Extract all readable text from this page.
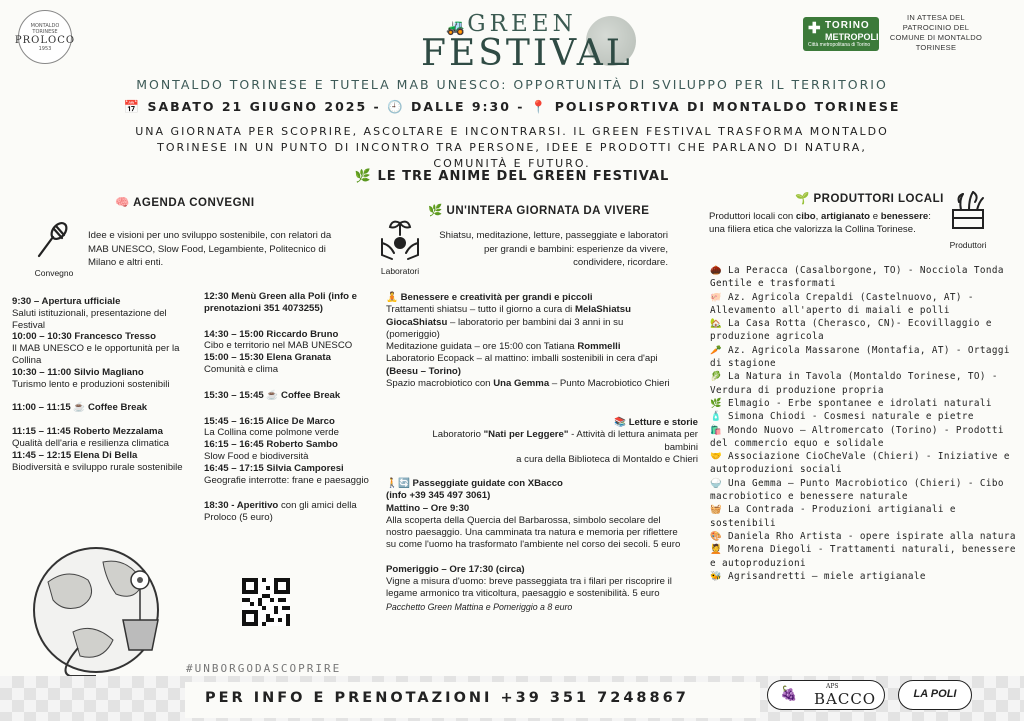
MONTALDO TORINESE
PROLOCO
1953
🚜 GREEN
FESTIVAL
✚ TORINO
METROPOLI
Città metropolitana di Torino
IN ATTESA DEL PATROCINIO DEL COMUNE DI MONTALDO TORINESE
MONTALDO TORINESE E TUTELA MAB UNESCO: OPPORTUNITÀ DI SVILUPPO PER IL TERRITORIO
📅 SABATO 21 GIUGNO 2025 - 🕘 DALLE 9:30 - 📍 POLISPORTIVA DI MONTALDO TORINESE
UNA GIORNATA PER SCOPRIRE, ASCOLTARE E INCONTRARSI. IL GREEN FESTIVAL TRASFORMA MONTALDO TORINESE IN UN PUNTO DI INCONTRO TRA PERSONE, IDEE E PRODOTTI CHE PARLANO DI NATURA, COMUNITÀ E FUTURO.
🌿 LE TRE ANIME DEL GREEN FESTIVAL
🧠 AGENDA CONVEGNI
Convegno
Idee e visioni per uno sviluppo sostenibile, con relatori da MAB UNESCO, Slow Food, Legambiente, Politecnico di Milano e altri enti.
9:30 – Apertura ufficiale
Saluti istituzionali, presentazione del Festival
10:00 – 10:30 Francesco Tresso
Il MAB UNESCO e le opportunità per la Collina
10:30 – 11:00 Silvio Magliano
Turismo lento e produzioni sostenibili
11:00 – 11:15 ☕ Coffee Break
11:15 – 11:45 Roberto Mezzalama
Qualità dell'aria e resilienza climatica
11:45 – 12:15 Elena Di Bella
Biodiversità e sviluppo rurale sostenibile
12:30 Menù Green alla Poli (info e prenotazioni 351 4073255)
14:30 – 15:00 Riccardo Bruno
Cibo e territorio nel MAB UNESCO
15:00 – 15:30 Elena Granata
Comunità e clima
15:30 – 15:45 ☕ Coffee Break
15:45 – 16:15 Alice De Marco
La Collina come polmone verde
16:15 – 16:45 Roberto Sambo
Slow Food e biodiversità
16:45 – 17:15 Silvia Camporesi
Geografie interrotte: frane e paesaggio
18:30 - Aperitivo con gli amici della Proloco (5 euro)
#UNBORGODASCOPRIRE
🌿 UN'INTERA GIORNATA DA VIVERE
Laboratori
Shiatsu, meditazione, letture, passeggiate e laboratori per grandi e bambini: esperienze da vivere, condividere, ricordare.
🧘 Benessere e creatività per grandi e piccoli
Trattamenti shiatsu – tutto il giorno a cura di MelaShiatsu
GiocaShiatsu – laboratorio per bambini dai 3 anni in su (pomeriggio)
Meditazione guidata – ore 15:00 con Tatiana Rommelli
Laboratorio Ecopack – al mattino: imballi sostenibili in cera d'api
(Beesu – Torino)
Spazio macrobiotico con Una Gemma – Punto Macrobiotico Chieri
📚 Letture e storie
Laboratorio "Nati per Leggere" - Attività di lettura animata per bambini
a cura della Biblioteca di Montaldo e Chieri
🚶🔄 Passeggiate guidate con XBacco
(info +39 345 497 3061)
Mattino – Ore 9:30
Alla scoperta della Quercia del Barbarossa, simbolo secolare del nostro paesaggio. Una camminata tra natura e memoria per riflettere su come l'uomo ha trasformato l'ambiente nel corso dei secoli. 5 euro
Pomeriggio – Ore 17:30 (circa)
Vigne a misura d'uomo: breve passeggiata tra i filari per riscoprire il legame armonico tra viticoltura, paesaggio e sostenibilità. 5 euro
Pacchetto Green Mattina e Pomeriggio a 8 euro
🌱 PRODUTTORI LOCALI
Produttori locali con cibo, artigianato e benessere: una filiera etica che valorizza la Collina Torinese.
Produttori
🌰 La Peracca (Casalborgone, TO) - Nocciola Tonda Gentile e trasformati
🐖 Az. Agricola Crepaldi (Castelnuovo, AT) - Allevamento all'aperto di maiali e polli
🏡 La Casa Rotta (Cherasco, CN)- Ecovillaggio e produzione agricola
🥕 Az. Agricola Massarone (Montafia, AT) - Ortaggi di stagione
🥬 La Natura in Tavola (Montaldo Torinese, TO) - Verdura di produzione propria
🌿 Elmagio - Erbe spontanee e idrolati naturali
🧴 Simona Chiodi - Cosmesi naturale e pietre
🛍️ Mondo Nuovo – Altromercato (Torino) - Prodotti del commercio equo e solidale
🤝 Associazione CioCheVale (Chieri) - Iniziative e autoproduzioni sociali
🍚 Una Gemma – Punto Macrobiotico (Chieri) - Cibo macrobiotico e benessere naturale
🧺 La Contrada - Produzioni artigianali e sostenibili
🎨 Daniela Rho Artista - opere ispirate alla natura
💆 Morena Diegoli - Trattamenti naturali, benessere e autoproduzioni
🐝 Agrisandretti – miele artigianale
PER INFO E PRENOTAZIONI +39 351 7248867	🍇	APS
BACCO	LA POLI
